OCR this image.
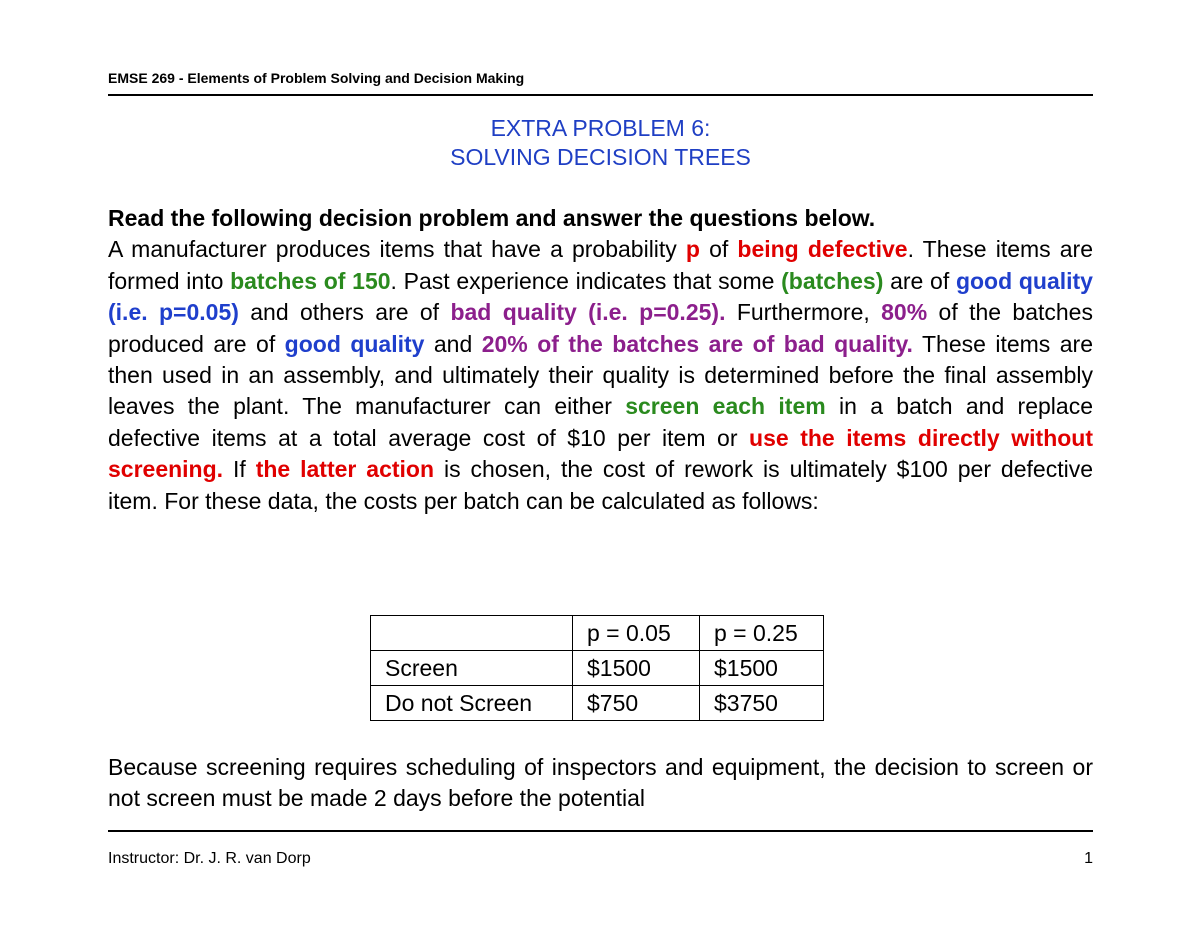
EMSE 269 - Elements of Problem Solving and Decision Making
EXTRA PROBLEM 6:
SOLVING DECISION TREES
Read the following decision problem and answer the questions below.
A manufacturer produces items that have a probability p of being defective. These items are formed into batches of 150. Past experience indicates that some (batches) are of good quality (i.e. p=0.05) and others are of bad quality (i.e. p=0.25). Furthermore, 80% of the batches produced are of good quality and 20% of the batches are of bad quality. These items are then used in an assembly, and ultimately their quality is determined before the final assembly leaves the plant. The manufacturer can either screen each item in a batch and replace defective items at a total average cost of $10 per item or use the items directly without screening. If the latter action is chosen, the cost of rework is ultimately $100 per defective item. For these data, the costs per batch can be calculated as follows:
	p = 0.05	p = 0.25
Screen	$1500	$1500
Do not Screen	$750	$3750
Because screening requires scheduling of inspectors and equipment, the decision to screen or not screen must be made 2 days before the potential
Instructor: Dr. J. R. van Dorp	1
